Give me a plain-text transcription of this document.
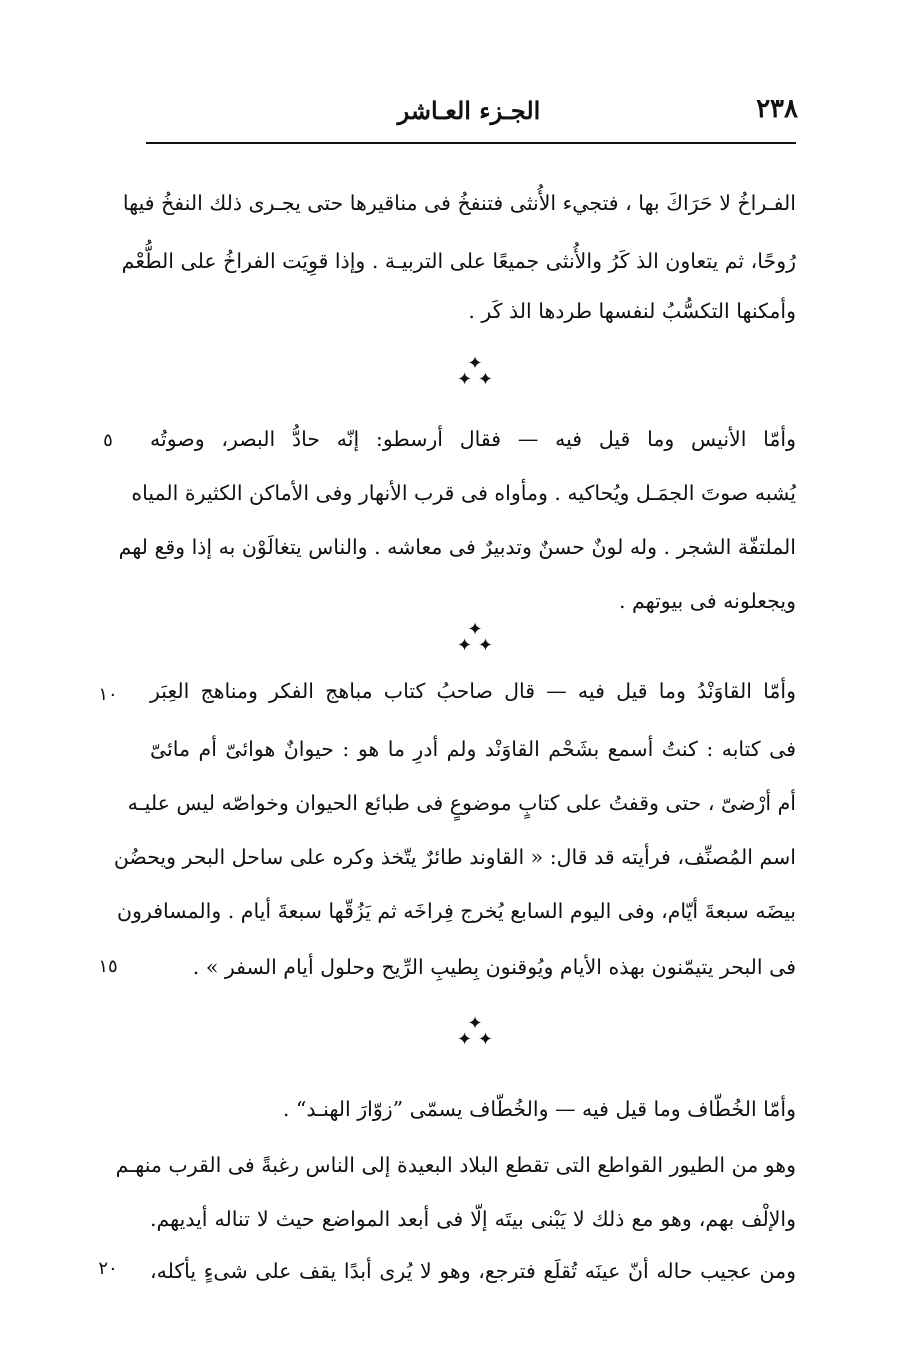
الجـزء العـاشر	٢٣٨
الفـراخُ لا حَرَاكَ بها ، فتجيء الأُنثى فتنفخُ فى مناقيرها حتى يجـرى ذلك النفخُ فيها
رُوحًا، ثم يتعاون الذ كَرُ والأُنثى جميعًا على التربيـة . وإذا قوِيَت الفراخُ على الطُّعْم
وأمكنها التكسُّبُ لنفسها طردها الذ كَر .
✦
✦ ✦
وأمّا الأنيس وما قيل فيه — فقال أرسطو: إنّه حادُّ البصر، وصوتُه
٥
يُشبه صوتَ الجمَـل ويُحاكيه . ومأواه فى قرب الأنهار وفى الأماكن الكثيرة المياه
الملتفّة الشجر . وله لونٌ حسنٌ وتدبيرٌ فى معاشه . والناس يتغالَوْن به إذا وقع لهم
ويجعلونه فى بيوتهم .
✦
✦ ✦
وأمّا القاوَنْدُ وما قيل فيه — قال صاحبُ كتاب مباهج الفكر ومناهج العِبَر
١٠
فى كتابه : كنتُ أسمع بشَحْم القاوَنْد ولم أدرِ ما هو : حيوانٌ هوائىّ أم مائىّ
أم أرْضىّ ، حتى وقفتُ على كتابٍ موضوعٍ فى طبائع الحيوان وخواصّه ليس عليـه
اسم المُصنِّف، فرأيته قد قال: « القاوند طائرٌ يتّخذ وكره على ساحل البحر ويحضُن
بيضَه سبعةَ أيّام، وفى اليوم السابع يُخرج فِراخَه ثم يَزُقّها سبعةَ أيام . والمسافرون
فى البحر يتيمّنون بهذه الأيام ويُوقنون بِطيبِ الرِّيح وحلول أيام السفر » .
١٥
✦
✦ ✦
وأمّا الخُطّاف وما قيل فيه — والخُطّاف يسمّى ”زوّارَ الهنـد“ .
وهو من الطيور القواطع التى تقطع البلاد البعيدة إلى الناس رغبةً فى القرب منهـم
والإلْف بهم، وهو مع ذلك لا يَبْنى بيتَه إلّا فى أبعد المواضع حيث لا تناله أيديهم.
ومن عجيب حاله أنّ عينَه تُقلَع فترجع، وهو لا يُرى أبدًا يقف على شىءٍ يأكله،
٢٠
